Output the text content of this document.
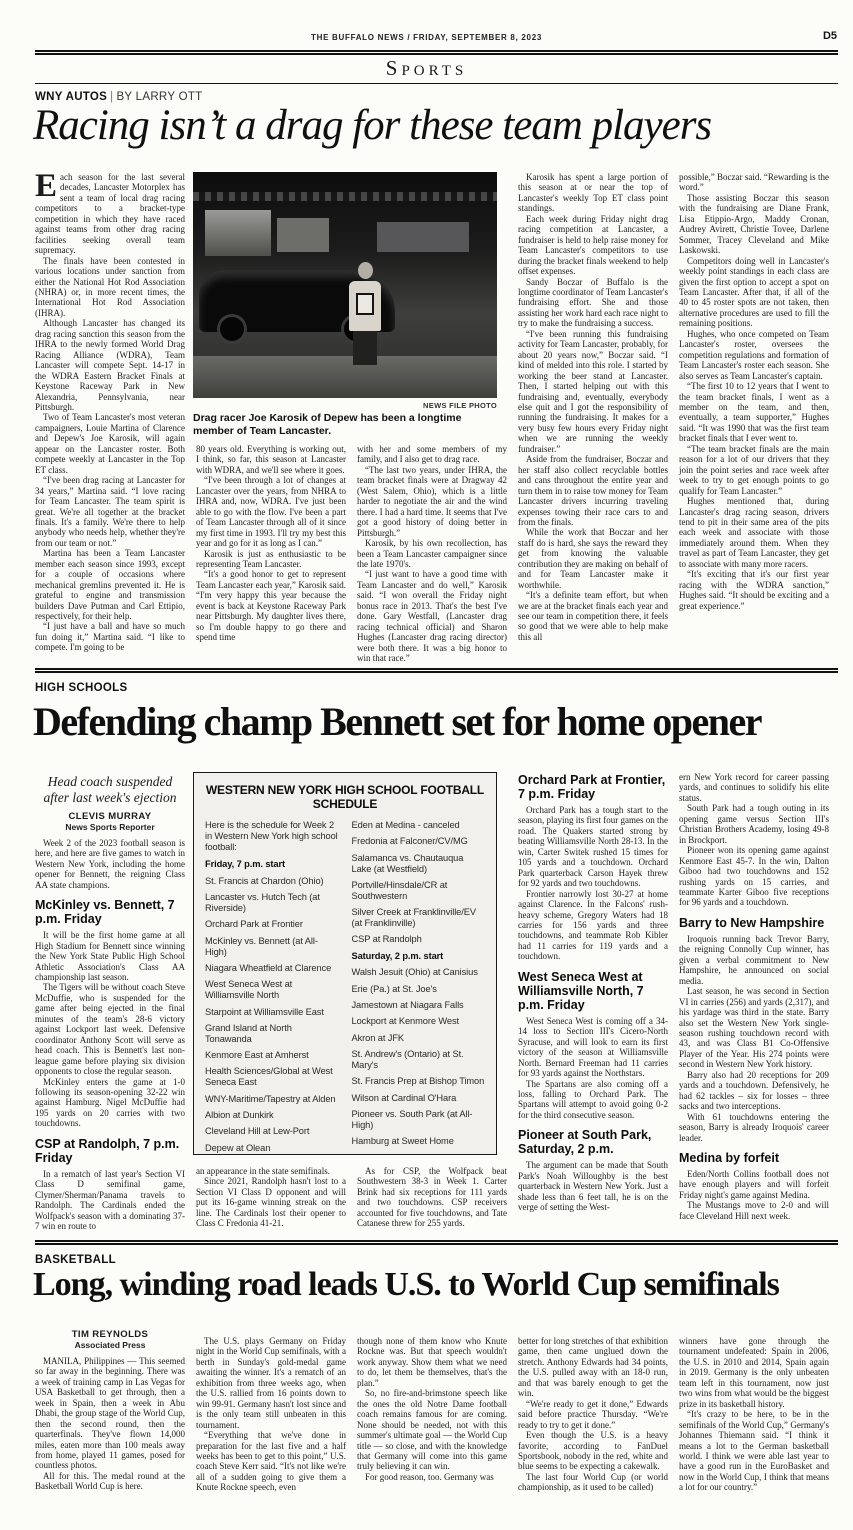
THE BUFFALO NEWS / FRIDAY, SEPTEMBER 8, 2023	D5
Sports
WNY AUTOS | BY LARRY OTT
Racing isn’t a drag for these team players

Each season for the last several decades, Lancaster Motorplex has sent a team of local drag racing competitors to a bracket-type competition in which they have raced against teams from other drag racing facilities seeking overall team supremacy.

The finals have been contested in various locations under sanction from either the National Hot Rod Association (NHRA) or, in more recent times, the International Hot Rod Association (IHRA).

Although Lancaster has changed its drag racing sanction this season from the IHRA to the newly formed World Drag Racing Alliance (WDRA), Team Lancaster will compete Sept. 14-17 in the WDRA Eastern Bracket Finals at Keystone Raceway Park in New Alexandria, Pennsylvania, near Pittsburgh.

Two of Team Lancaster's most veteran campaigners, Louie Martina of Clarence and Depew's Joe Karosik, will again appear on the Lancaster roster. Both compete weekly at Lancaster in the Top ET class.

“I've been drag racing at Lancaster for 34 years,” Martina said. “I love racing for Team Lancaster. The team spirit is great. We're all together at the bracket finals. It's a family. We're there to help anybody who needs help, whether they're from our team or not.”

Martina has been a Team Lancaster member each season since 1993, except for a couple of occasions where mechanical gremlins prevented it. He is grateful to engine and transmission builders Dave Putman and Carl Ettipio, respectively, for their help.

“I just have a ball and have so much fun doing it,” Martina said. “I like to compete. I'm going to be

80 years old. Everything is working out, I think, so far, this season at Lancaster with WDRA, and we'll see where it goes.

“I've been through a lot of changes at Lancaster over the years, from NHRA to IHRA and, now, WDRA. I've just been able to go with the flow. I've been a part of Team Lancaster through all of it since my first time in 1993. I'll try my best this year and go for it as long as I can.”

Karosik is just as enthusiastic to be representing Team Lancaster.

“It's a good honor to get to represent Team Lancaster each year,” Karosik said. “I'm very happy this year because the event is back at Keystone Raceway Park near Pittsburgh. My daughter lives there, so I'm double happy to go there and spend time

with her and some members of my family, and I also get to drag race.

“The last two years, under IHRA, the team bracket finals were at Dragway 42 (West Salem, Ohio), which is a little harder to negotiate the air and the wind there. I had a hard time. It seems that I've got a good history of doing better in Pittsburgh.”

Karosik, by his own recollection, has been a Team Lancaster campaigner since the late 1970's.

“I just want to have a good time with Team Lancaster and do well,” Karosik said. “I won overall the Friday night bonus race in 2013. That's the best I've done. Gary Westfall, (Lancaster drag racing technical official) and Sharon Hughes (Lancaster drag racing director) were both there. It was a big honor to win that race.”

Karosik has spent a large portion of this season at or near the top of Lancaster's weekly Top ET class point standings.

Each week during Friday night drag racing competition at Lancaster, a fundraiser is held to help raise money for Team Lancaster's competitors to use during the bracket finals weekend to help offset expenses.

Sandy Boczar of Buffalo is the longtime coordinator of Team Lancaster's fundraising effort. She and those assisting her work hard each race night to try to make the fundraising a success.

“I've been running this fundraising activity for Team Lancaster, probably, for about 20 years now,” Boczar said. “I kind of melded into this role. I started by working the beer stand at Lancaster. Then, I started helping out with this fundraising and, eventually, everybody else quit and I got the responsibility of running the fundraising. It makes for a very busy few hours every Friday night when we are running the weekly fundraiser.”

Aside from the fundraiser, Boczar and her staff also collect recyclable bottles and cans throughout the entire year and turn them in to raise tow money for Team Lancaster drivers incurring traveling expenses towing their race cars to and from the finals.

While the work that Boczar and her staff do is hard, she says the reward they get from knowing the valuable contribution they are making on behalf of and for Team Lancaster make it worthwhile.

“It's a definite team effort, but when we are at the bracket finals each year and see our team in competition there, it feels so good that we were able to help make this all

possible,” Boczar said. “Rewarding is the word.”

Those assisting Boczar this season with the fundraising are Diane Frank, Lisa Etippio-Argo, Maddy Cronan, Audrey Avirett, Christie Tovee, Darlene Sommer, Tracey Cleveland and Mike Laskowski.

Competitors doing well in Lancaster's weekly point standings in each class are given the first option to accept a spot on Team Lancaster. After that, if all of the 40 to 45 roster spots are not taken, then alternative procedures are used to fill the remaining positions.

Hughes, who once competed on Team Lancaster's roster, oversees the competition regulations and formation of Team Lancaster's roster each season. She also serves as Team Lancaster's captain.

“The first 10 to 12 years that I went to the team bracket finals, I went as a member on the team, and then, eventually, a team supporter,” Hughes said. “It was 1990 that was the first team bracket finals that I ever went to.

“The team bracket finals are the main reason for a lot of our drivers that they join the point series and race week after week to try to get enough points to go qualify for Team Lancaster.”

Hughes mentioned that, during Lancaster's drag racing season, drivers tend to pit in their same area of the pits each week and associate with those immediately around them. When they travel as part of Team Lancaster, they get to associate with many more racers.

“It's exciting that it's our first year racing with the WDRA sanction,” Hughes said. “It should be exciting and a great experience.”

NEWS FILE PHOTO
Drag racer Joe Karosik of Depew has been a longtime member of Team Lancaster.
HIGH SCHOOLS
Defending champ Bennett set for home opener

Head coach suspended after last week's ejection

CLEVIS MURRAY

News Sports Reporter

Week 2 of the 2023 football season is here, and here are five games to watch in Western New York, including the home opener for Bennett, the reigning Class AA state champions.

McKinley vs. Bennett, 7 p.m. Friday

It will be the first home game at all High Stadium for Bennett since winning the New York State Public High School Athletic Association's Class AA championship last season.

The Tigers will be without coach Steve McDuffie, who is suspended for the game after being ejected in the final minutes of the team's 28-6 victory against Lockport last week. Defensive coordinator Anthony Scott will serve as head coach. This is Bennett's last non-league game before playing six division opponents to close the regular season.

McKinley enters the game at 1-0 following its season-opening 32-22 win against Hamburg. Nigel McDuffie had 195 yards on 20 carries with two touchdowns.

CSP at Randolph, 7 p.m. Friday

In a rematch of last year's Section VI Class D semifinal game, Clymer/Sherman/Panama travels to Randolph. The Cardinals ended the Wolfpack's season with a dominating 37-7 win en route to

WESTERN NEW YORK HIGH SCHOOL FOOTBALL SCHEDULE

Here is the schedule for Week 2 in Western New York high school football:

Friday, 7 p.m. start

St. Francis at Chardon (Ohio)

Lancaster vs. Hutch Tech (at Riverside)

Orchard Park at Frontier

McKinley vs. Bennett (at All-High)

Niagara Wheatfield at Clarence

West Seneca West at Williamsville North

Starpoint at Williamsville East

Grand Island at North Tonawanda

Kenmore East at Amherst

Health Sciences/Global at West Seneca East

WNY-Maritime/Tapestry at Alden

Albion at Dunkirk

Cleveland Hill at Lew-Port

Depew at Olean

Eden at Medina - canceled

Fredonia at Falconer/CV/MG

Salamanca vs. Chautauqua Lake (at Westfield)

Portville/Hinsdale/CR at Southwestern

Silver Creek at Franklinville/EV (at Franklinville)

CSP at Randolph

Saturday, 2 p.m. start

Walsh Jesuit (Ohio) at Canisius

Erie (Pa.) at St. Joe's

Jamestown at Niagara Falls

Lockport at Kenmore West

Akron at JFK

St. Andrew's (Ontario) at St. Mary's

St. Francis Prep at Bishop Timon

Wilson at Cardinal O'Hara

Pioneer vs. South Park (at All-High)

Hamburg at Sweet Home

an appearance in the state semifinals.

Since 2021, Randolph hasn't lost to a Section VI Class D opponent and will put its 16-game winning streak on the line. The Cardinals lost their opener to Class C Fredonia 41-21.

As for CSP, the Wolfpack beat Southwestern 38-3 in Week 1. Carter Brink had six receptions for 111 yards and two touchdowns. CSP receivers accounted for five touchdowns, and Tate Catanese threw for 255 yards.

Orchard Park at Frontier, 7 p.m. Friday

Orchard Park has a tough start to the season, playing its first four games on the road. The Quakers started strong by beating Williamsville North 28-13. In the win, Carter Switek rushed 15 times for 105 yards and a touchdown. Orchard Park quarterback Carson Hayek threw for 92 yards and two touchdowns.

Frontier narrowly lost 30-27 at home against Clarence. In the Falcons' rush-heavy scheme, Gregory Waters had 18 carries for 156 yards and three touchdowns, and teammate Rob Kibler had 11 carries for 119 yards and a touchdown.

West Seneca West at Williamsville North, 7 p.m. Friday

West Seneca West is coming off a 34-14 loss to Section III's Cicero-North Syracuse, and will look to earn its first victory of the season at Williamsville North. Bernard Freeman had 11 carries for 93 yards against the Northstars.

The Spartans are also coming off a loss, falling to Orchard Park. The Spartans will attempt to avoid going 0-2 for the third consecutive season.

Pioneer at South Park, Saturday, 2 p.m.

The argument can be made that South Park's Noah Willoughby is the best quarterback in Western New York. Just a shade less than 6 feet tall, he is on the verge of setting the West-

ern New York record for career passing yards, and continues to solidify his elite status.

South Park had a tough outing in its opening game versus Section III's Christian Brothers Academy, losing 49-8 in Brockport.

Pioneer won its opening game against Kenmore East 45-7. In the win, Dalton Giboo had two touchdowns and 152 rushing yards on 15 carries, and teammate Karter Giboo five receptions for 96 yards and a touchdown.

Barry to New Hampshire

Iroquois running back Trevor Barry, the reigning Connolly Cup winner, has given a verbal commitment to New Hampshire, he announced on social media.

Last season, he was second in Section VI in carries (256) and yards (2,317), and his yardage was third in the state. Barry also set the Western New York single-season rushing touchdown record with 43, and was Class B1 Co-Offensive Player of the Year. His 274 points were second in Western New York history.

Barry also had 20 receptions for 209 yards and a touchdown. Defensively, he had 62 tackles – six for losses – three sacks and two interceptions.

With 61 touchdowns entering the season, Barry is already Iroquois' career leader.

Medina by forfeit

Eden/North Collins football does not have enough players and will forfeit Friday night's game against Medina.

The Mustangs move to 2-0 and will face Cleveland Hill next week.

BASKETBALL
Long, winding road leads U.S. to World Cup semifinals

TIM REYNOLDS

Associated Press

MANILA, Philippines — This seemed so far away in the beginning. There was a week of training camp in Las Vegas for USA Basketball to get through, then a week in Spain, then a week in Abu Dhabi, the group stage of the World Cup, then the second round, then the quarterfinals. They've flown 14,000 miles, eaten more than 100 meals away from home, played 11 games, posed for countless photos.

All for this. The medal round at the Basketball World Cup is here.

The U.S. plays Germany on Friday night in the World Cup semifinals, with a berth in Sunday's gold-medal game awaiting the winner. It's a rematch of an exhibition from three weeks ago, when the U.S. rallied from 16 points down to win 99-91. Germany hasn't lost since and is the only team still unbeaten in this tournament.

“Everything that we've done in preparation for the last five and a half weeks has been to get to this point,” U.S. coach Steve Kerr said. “It's not like we're all of a sudden going to give them a Knute Rockne speech, even

though none of them know who Knute Rockne was. But that speech wouldn't work anyway. Show them what we need to do, let them be themselves, that's the plan.”

So, no fire-and-brimstone speech like the ones the old Notre Dame football coach remains famous for are coming. None should be needed, not with this summer's ultimate goal — the World Cup title — so close, and with the knowledge that Germany will come into this game truly believing it can win.

For good reason, too. Germany was

better for long stretches of that exhibition game, then came unglued down the stretch. Anthony Edwards had 34 points, the U.S. pulled away with an 18-0 run, and that was barely enough to get the win.

“We're ready to get it done,” Edwards said before practice Thursday. “We're ready to try to get it done.”

Even though the U.S. is a heavy favorite, according to FanDuel Sportsbook, nobody in the red, white and blue seems to be expecting a cakewalk.

The last four World Cup (or world championship, as it used to be called)

winners have gone through the tournament undefeated: Spain in 2006, the U.S. in 2010 and 2014, Spain again in 2019. Germany is the only unbeaten team left in this tournament, now just two wins from what would be the biggest prize in its basketball history.

“It's crazy to be here, to be in the semifinals of the World Cup,” Germany's Johannes Thiemann said. “I think it means a lot to the German basketball world. I think we were able last year to have a good run in the EuroBasket and now in the World Cup, I think that means a lot for our country.”
